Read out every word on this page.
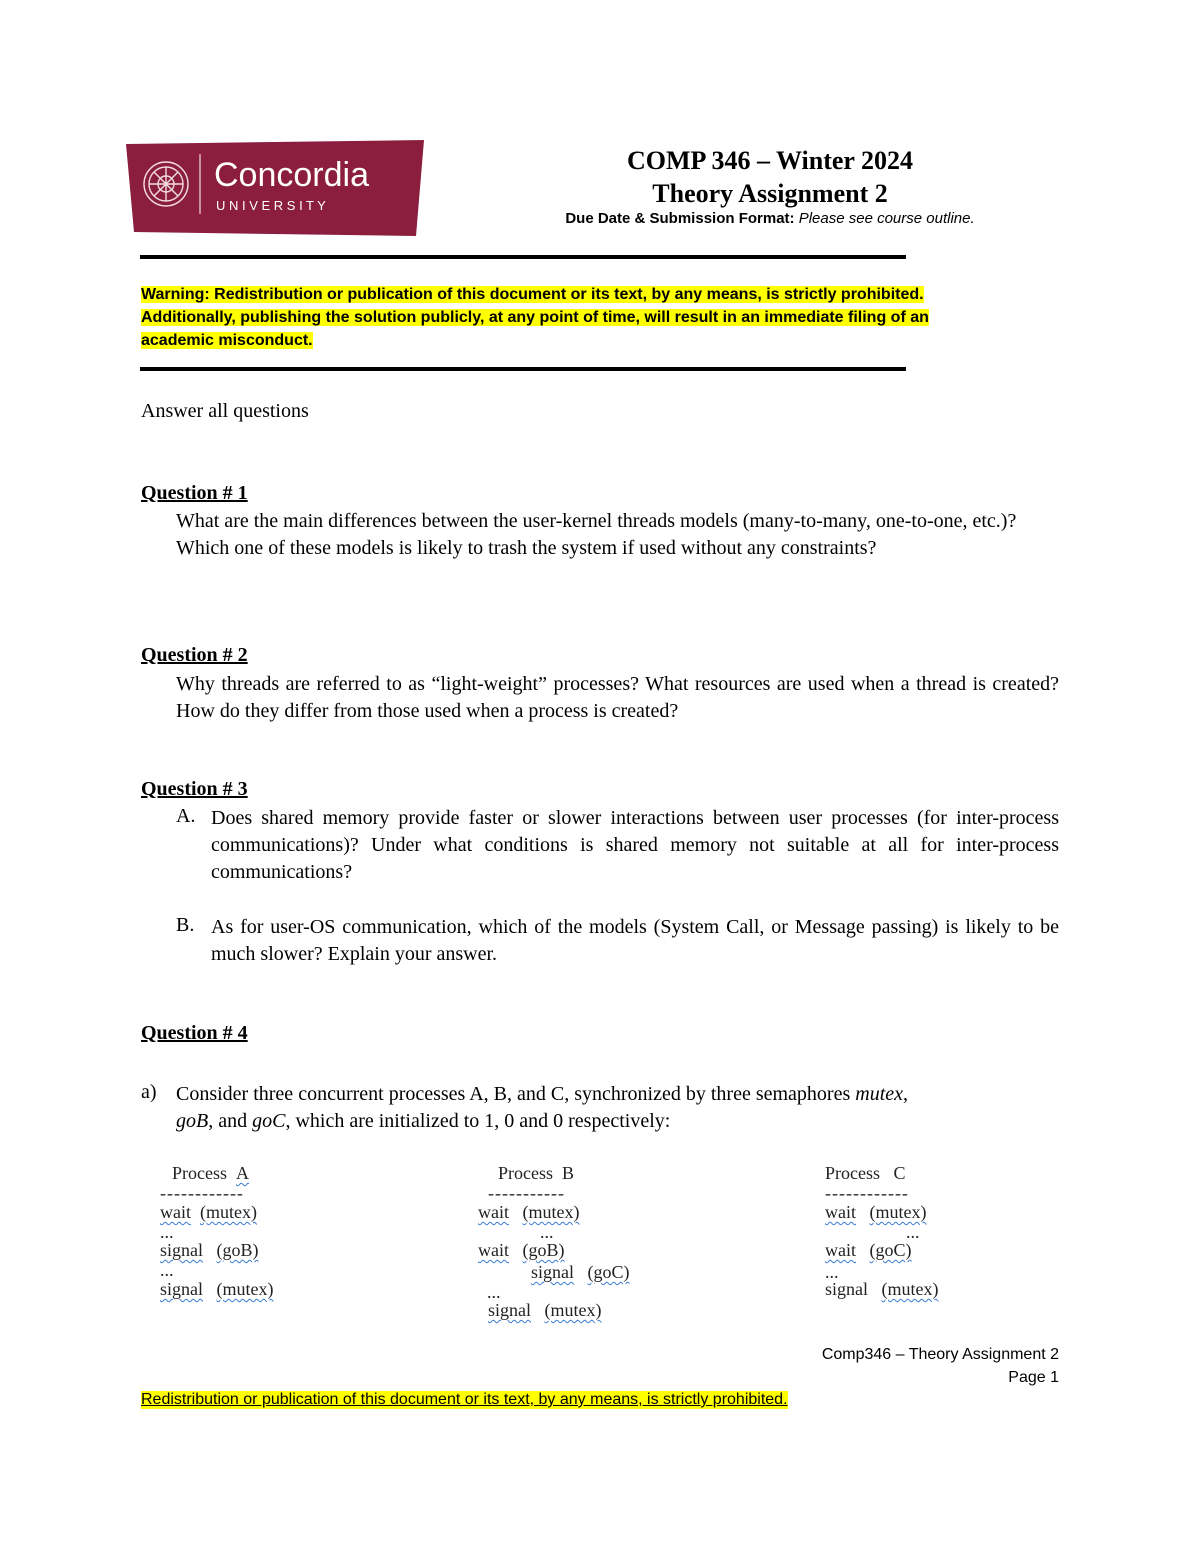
Concordia
U N I V E R S I T Y
COMP 346 – Winter 2024
Theory Assignment 2
Due Date & Submission Format: Please see course outline.
Warning: Redistribution or publication of this document or its text, by any means, is strictly prohibited.
Additionally, publishing the solution publicly, at any point of time, will result in an immediate filing of an
academic misconduct.
Answer all questions
Question # 1
What are the main differences between the user-kernel threads models (many-to-many, one-to-one, etc.)? Which one of these models is likely to trash the system if used without any constraints?
Question # 2
Why threads are referred to as “light-weight” processes? What resources are used when a thread is created? How do they differ from those used when a process is created?
Question # 3
A. Does shared memory provide faster or slower interactions between user processes (for inter-process communications)? Under what conditions is shared memory not suitable at all for inter-process communications?
B. As for user-OS communication, which of the models (System Call, or Message passing) is likely to be much slower? Explain your answer.
Question # 4
a) Consider three concurrent processes A, B, and C, synchronized by three semaphores mutex,
goB, and goC, which are initialized to 1, 0 and 0 respectively:
Process A
------------
wait (mutex)
...
signal (goB)
...
signal (mutex)
Process B
-----------
wait (mutex)
...
wait (goB)
signal (goC)
...
signal (mutex)
Process C
------------
wait (mutex)
...
wait (goC)
...
signal (mutex)
Comp346 – Theory Assignment 2
Page 1
Redistribution or publication of this document or its text, by any means, is strictly prohibited.
